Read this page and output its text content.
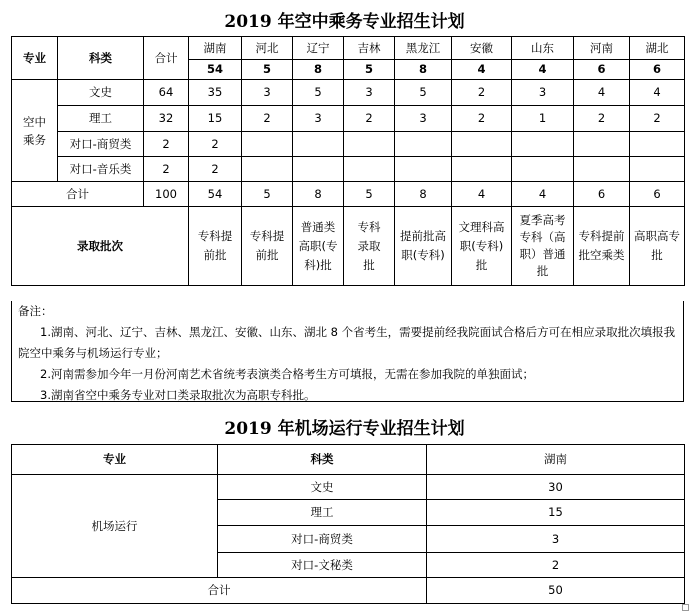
2019 年空中乘务专业招生计划
专业	科类	合计	湖南	河北	辽宁	吉林	黑龙江	安徽	山东	河南	湖北
			54	5	8	5	8	4	4	6	6

空中乘务	文史	64	35	3	5	3	5	2	3	4	4
	理工	32	15	2	3	2	3	2	1	2	2
	对口-商贸类	2	2								
	对口-音乐类	2	2								
合计		100	54	5	8	5	8	4	4	6	6
录取批次			专科提前批	专科提前批	普通类高职(专科)批	专科录取批	提前批高职(专科)	文理科高职(专科)批	夏季高考专科（高职）普通批	专科提前批空乘类	高职高专批
备注：
1.湖南、河北、辽宁、吉林、黑龙江、安徽、山东、湖北 8 个省考生，需要提前经我院面试合格后方可在相应录取批次填报我院空中乘务与机场运行专业；
2.河南需参加今年一月份河南艺术省统考表演类合格考生方可填报，无需在参加我院的单独面试；
3.湖南省空中乘务专业对口类录取批次为高职专科批。
2019 年机场运行专业招生计划
专业	科类	湖南
机场运行	文史	30
	理工	15
	对口-商贸类	3
	对口-文秘类	2
合计		50
